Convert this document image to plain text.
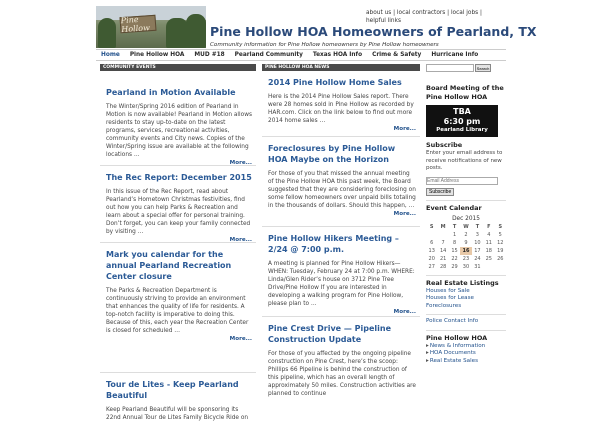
Pine Hollow	Pine Hollow HOA Homeowners of Pearland, TX
Community information for Pine Hollow homeowners by Pine Hollow homeowners
about us | local contractors | local jobs | helpful links
Home	Pine Hollow HOA	MUD #18	Pearland Community	Texas HOA Info	Crime & Safety	Hurricane Info
COMMUNITY EVENTS
Pearland in Motion Available

The Winter/Spring 2016 edition of Pearland in Motion is now available! Pearland in Motion allows residents to stay up-to-date on the latest programs, services, recreational activities, community events and City news. Copies of the Winter/Spring issue are available at the following locations …

More...
The Rec Report: December 2015

In this issue of the Rec Report, read about Pearland’s Hometown Christmas festivities, find out how you can help Parks & Recreation and learn about a special offer for personal training. Don’t forget, you can keep your family connected by visiting …

More...
Mark you calendar for the annual Pearland Recreation Center closure

The Parks & Recreation Department is continuously striving to provide an environment that enhances the quality of life for residents. A top-notch facility is imperative to doing this. Because of this, each year the Recreation Center is closed for scheduled …

More...
Tour de Lites - Keep Pearland Beautiful

Keep Pearland Beautiful will be sponsoring its 22nd Annual Tour de Lites Family Bicycle Ride on

PINE HOLLOW HOA NEWS
2014 Pine Hollow Home Sales

Here is the 2014 Pine Hollow Sales report. There were 28 homes sold in Pine Hollow as recorded by HAR.com. Click on the link below to find out more 2014 home sales …

More...
Foreclosures by Pine Hollow HOA Maybe on the Horizon

For those of you that missed the annual meeting of the Pine Hollow HOA this past week, the Board suggested that they are considering foreclosing on some fellow homeowners over unpaid bills totaling in the thousands of dollars. Should this happen, …

More...
Pine Hollow Hikers Meeting – 2/24 @ 7:00 p.m.

A meeting is planned for Pine Hollow Hikers— WHEN: Tuesday, February 24 at 7:00 p.m. WHERE: Linda/Glen Rider’s house on 3712 Pine Tree Drive/Pine Hollow If you are interested in developing a walking program for Pine Hollow, please plan to …

More...
Pine Crest Drive — Pipeline Construction Update

For those of you affected by the ongoing pipeline construction on Pine Crest, here’s the scoop: Phillips 66 Pipeline is behind the construction of this pipeline, which has an overall length of approximately 50 miles. Construction activities are planned to continue

Search
Board Meeting of the Pine Hollow HOA
TBA
6:30 pm
Pearland Library
Subscribe
Enter your email address to receive notifications of new posts.
Email Address
Subscribe
Event Calendar
Dec 2015
S	M	T	W	T	F	S
		1	2	3	4	5
6	7	8	9	10	11	12
13	14	15	16	17	18	19
20	21	22	23	24	25	26
27	28	29	30	31		
Real Estate Listings
Houses for Sale
Houses for Lease
Foreclosures
Police Contact Info
Pine Hollow HOA
▸ News & Information
▸ HOA Documents
▸ Real Estate Sales
